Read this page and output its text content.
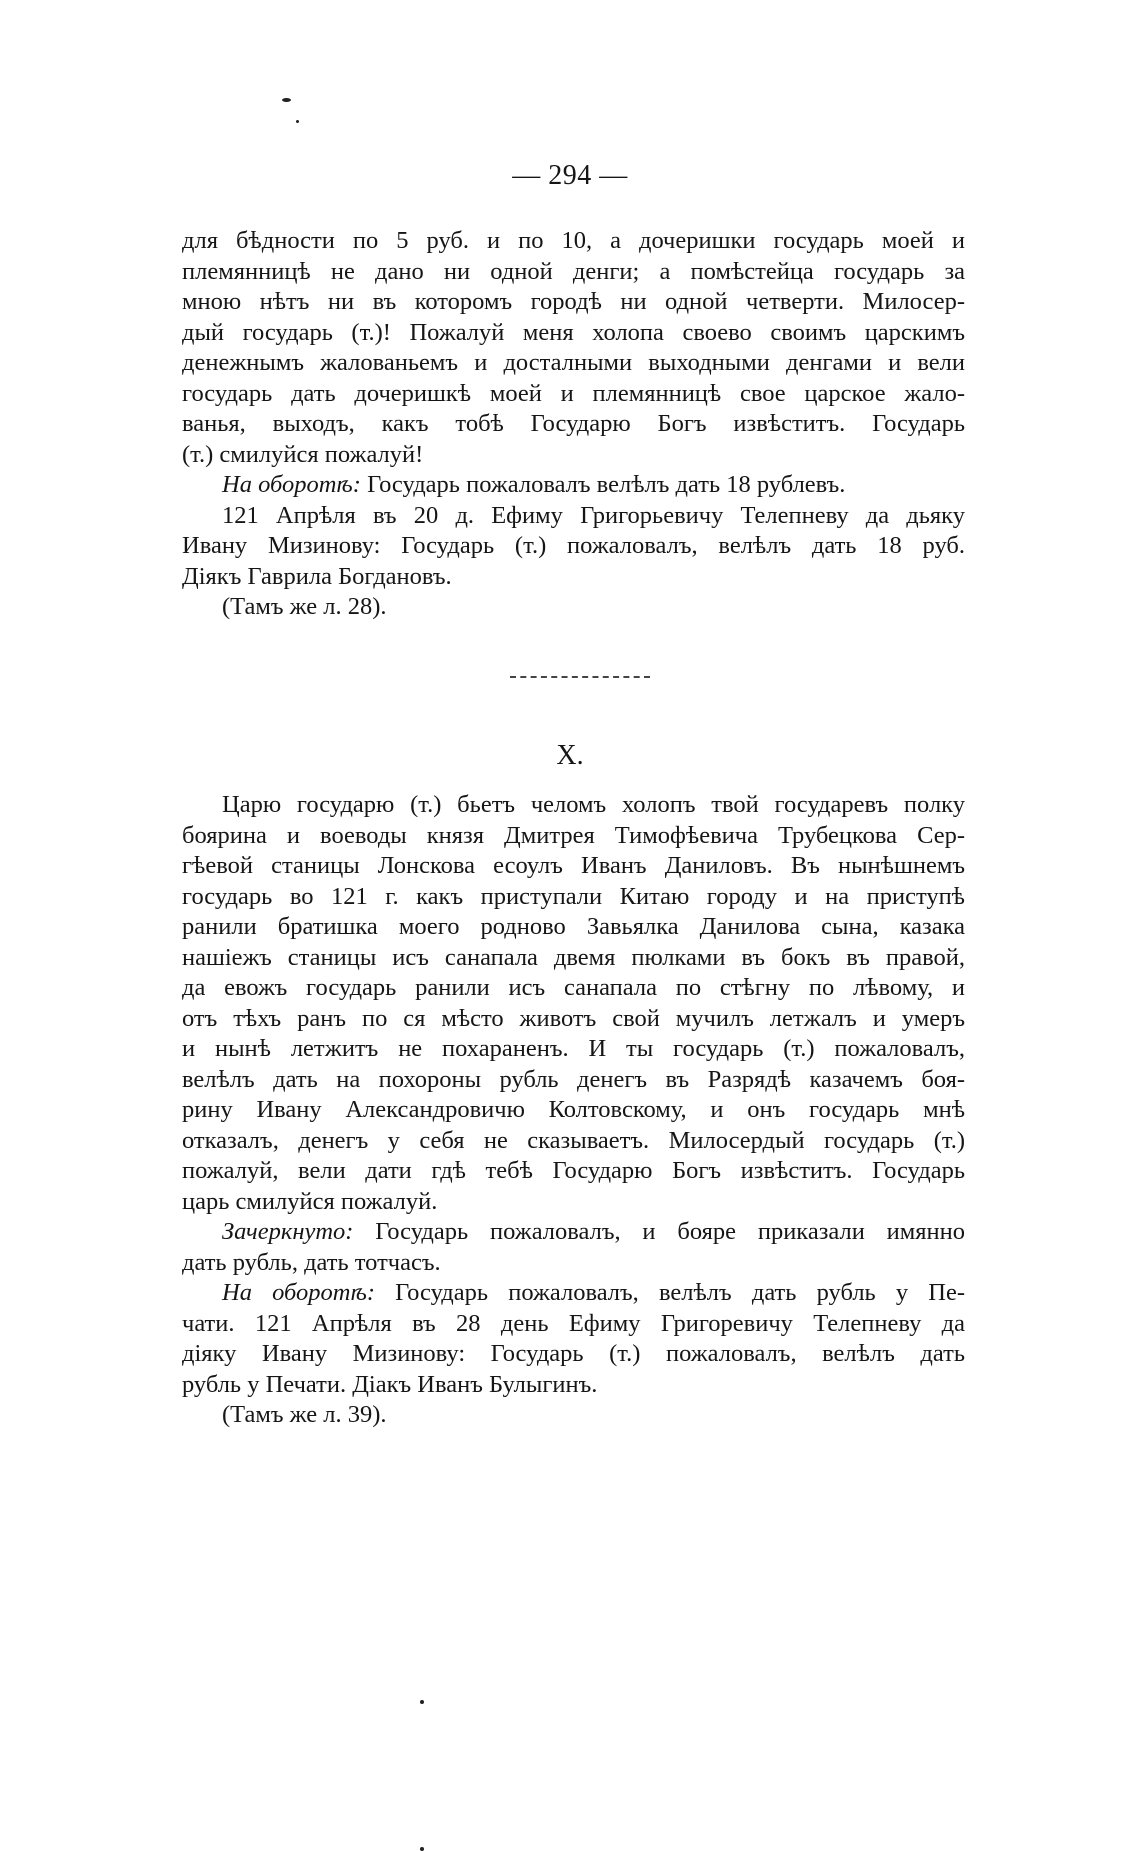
— 294 —
для бѣдности по 5 руб. и по 10, а дочеришки государь моей и
племянницѣ не дано ни одной денги; а помѣстейца государь за
мною нѣтъ ни въ которомъ городѣ ни одной четверти. Милосер-
дый государь (т.)! Пожалуй меня холопа своево своимъ царскимъ
денежнымъ жалованьемъ и досталными выходными денгами и вели
государь дать дочеришкѣ моей и племянницѣ свое царское жало-
ванья, выходъ, какъ тобѣ Государю Богъ извѣститъ. Государь
(т.) смилуйся пожалуй!
На оборотѣ: Государь пожаловалъ велѣлъ дать 18 рублевъ.
121 Апрѣля въ 20 д. Ефиму Григорьевичу Телепневу да дьяку
Ивану Мизинову: Государь (т.) пожаловалъ, велѣлъ дать 18 руб.
Дiякъ Гаврила Богдановъ.
(Тамъ же л. 28).
X.
Царю государю (т.) бьетъ челомъ холопъ твой государевъ полку
боярина и воеводы князя Дмитрея Тимофѣевича Трубецкова Сер-
гѣевой станицы Лонскова есоулъ Иванъ Даниловъ. Въ нынѣшнемъ
государь во 121 г. какъ приступали Китаю городу и на приступѣ
ранили братишка моего родново Завьялка Данилова сына, казака
нашiежъ станицы исъ санапала двемя пюлками въ бокъ въ правой,
да евожъ государь ранили исъ санапала по стѣгну по лѣвому, и
отъ тѣхъ ранъ по ся мѣсто животъ свой мучилъ летжалъ и умеръ
и нынѣ летжитъ не похараненъ. И ты государь (т.) пожаловалъ,
велѣлъ дать на похороны рубль денегъ въ Разрядѣ казачемъ боя-
рину Ивану Александровичю Колтовскому, и онъ государь мнѣ
отказалъ, денегъ у себя не сказываетъ. Милосердый государь (т.)
пожалуй, вели дати гдѣ тебѣ Государю Богъ извѣститъ. Государь
царь смилуйся пожалуй.
Зачеркнуто: Государь пожаловалъ, и бояре приказали имянно
дать рубль, дать тотчасъ.
На оборотѣ: Государь пожаловалъ, велѣлъ дать рубль у Пе-
чати. 121 Апрѣля въ 28 день Ефиму Григоревичу Телепневу да
дiяку Ивану Мизинову: Государь (т.) пожаловалъ, велѣлъ дать
рубль у Печати. Дiакъ Иванъ Булыгинъ.
(Тамъ же л. 39).
